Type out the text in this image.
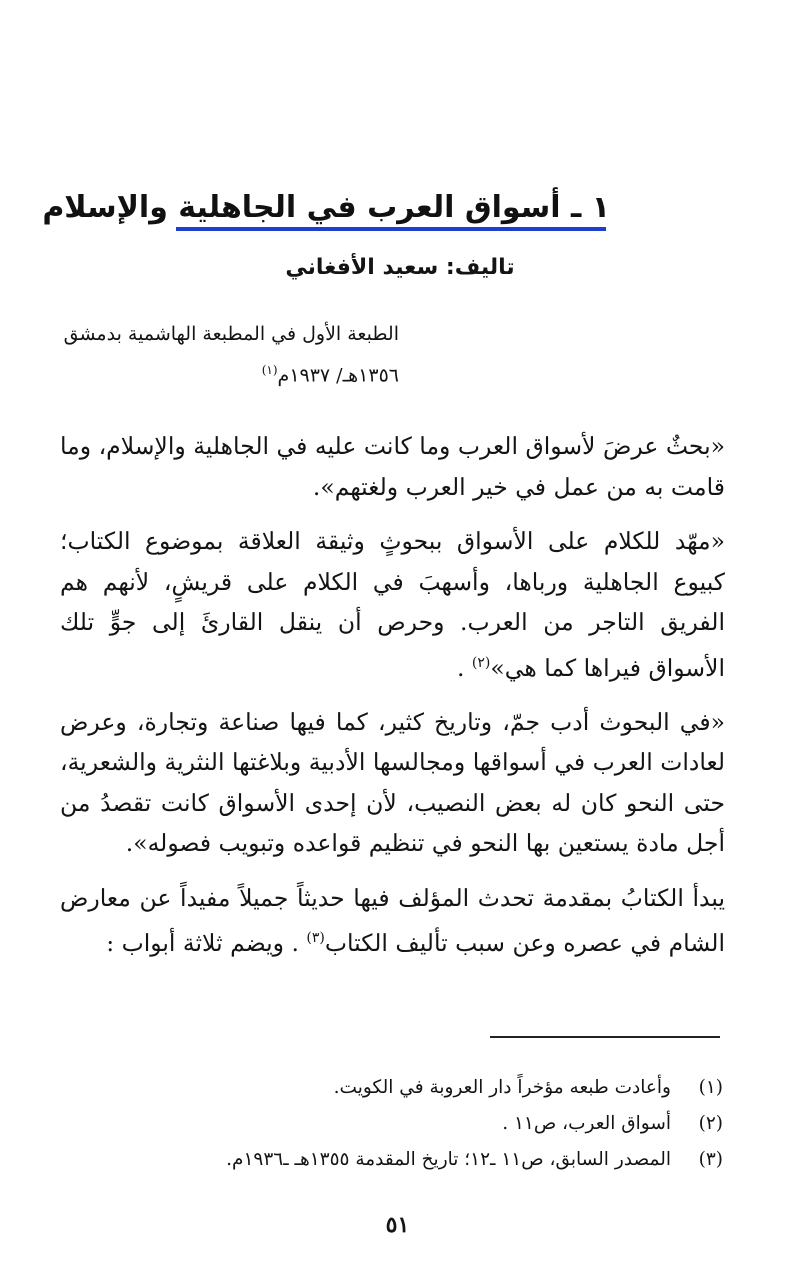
١ ـ أسواق العرب في الجاهلية والإسلام
تاليف: سعيد الأفغاني
الطبعة الأول في المطبعة الهاشمية بدمشق
١٣٥٦هـ/ ١٩٣٧م$^{(١)}$

«بحثٌ عرضَ لأسواق العرب وما كانت عليه في الجاهلية والإسلام، وما قامت به من عمل في خير العرب ولغتهم».

«مهّد للكلام على الأسواق ببحوثٍ وثيقة العلاقة بموضوع الكتاب؛ كبيوع الجاهلية ورباها، وأسهبَ في الكلام على قريشٍ، لأنهم هم الفريق التاجر من العرب. وحرص أن ينقل القارئَ إلى جوٍّ تلك الأسواق فيراها كما هي»$^{(٢)}$ .

«في البحوث أدب جمّ، وتاريخ كثير، كما فيها صناعة وتجارة، وعرض لعادات العرب في أسواقها ومجالسها الأدبية وبلاغتها النثرية والشعرية، حتى النحو كان له بعض النصيب، لأن إحدى الأسواق كانت تقصدُ من أجل مادة يستعين بها النحو في تنظيم قواعده وتبويب فصوله».

يبدأ الكتابُ بمقدمة تحدث المؤلف فيها حديثاً جميلاً مفيداً عن معارض الشام في عصره وعن سبب تأليف الكتاب$^{(٣)}$ . ويضم ثلاثة أبواب :

(١)
وأعادت طبعه مؤخراً دار العروبة في الكويت.
(٢)
أسواق العرب، ص١١ .
(٣)
المصدر السابق، ص١١ ـ١٢؛ تاريخ المقدمة ١٣٥٥هـ ـ١٩٣٦م.
٥١
